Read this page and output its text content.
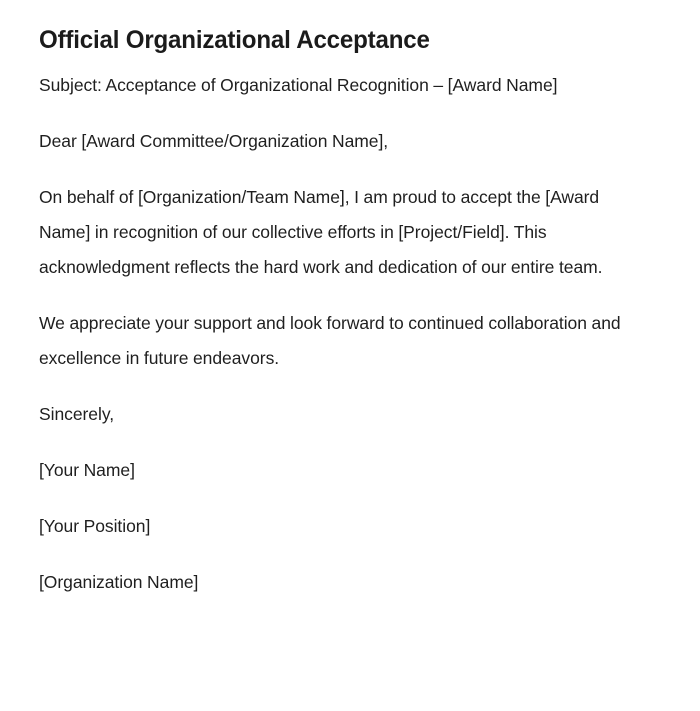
Official Organizational Acceptance

Subject: Acceptance of Organizational Recognition – [Award Name]

Dear [Award Committee/Organization Name],

On behalf of [Organization/Team Name], I am proud to accept the [Award Name] in recognition of our collective efforts in [Project/Field]. This acknowledgment reflects the hard work and dedication of our entire team.

We appreciate your support and look forward to continued collaboration and excellence in future endeavors.

Sincerely,

[Your Name]

[Your Position]

[Organization Name]
